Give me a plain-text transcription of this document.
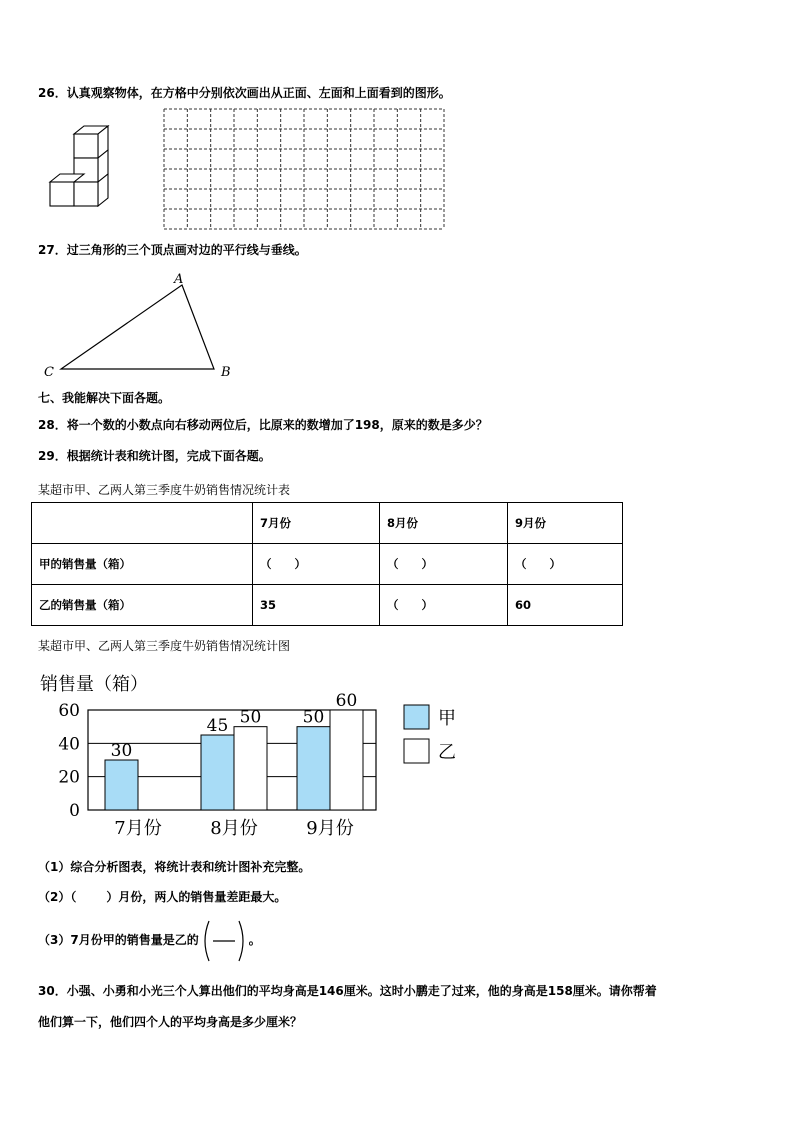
26．认真观察物体，在方格中分别依次画出从正面、左面和上面看到的图形。
27．过三角形的三个顶点画对边的平行线与垂线。
A
B
C
七、我能解决下面各题。
28．将一个数的小数点向右移动两位后，比原来的数增加了198，原来的数是多少？
29．根据统计表和统计图，完成下面各题。
某超市甲、乙两人第三季度牛奶销售情况统计表
	7月份	8月份	9月份
甲的销售量（箱）	（　　）	（　　）	（　　）
乙的销售量（箱）	35	（　　）	60
某超市甲、乙两人第三季度牛奶销售情况统计图
销售量（箱）
0
20
40
60
30
7月份
45 50
8月份
50
60
9月份
甲
乙
（1）综合分析图表，将统计表和统计图补充完整。
（2）（	）月份，两人的销售量差距最大。
（3）7月份甲的销售量是乙的	。
30．小强、小勇和小光三个人算出他们的平均身高是146厘米。这时小鹏走了过来，他的身高是158厘米。请你帮着
他们算一下，他们四个人的平均身高是多少厘米？
